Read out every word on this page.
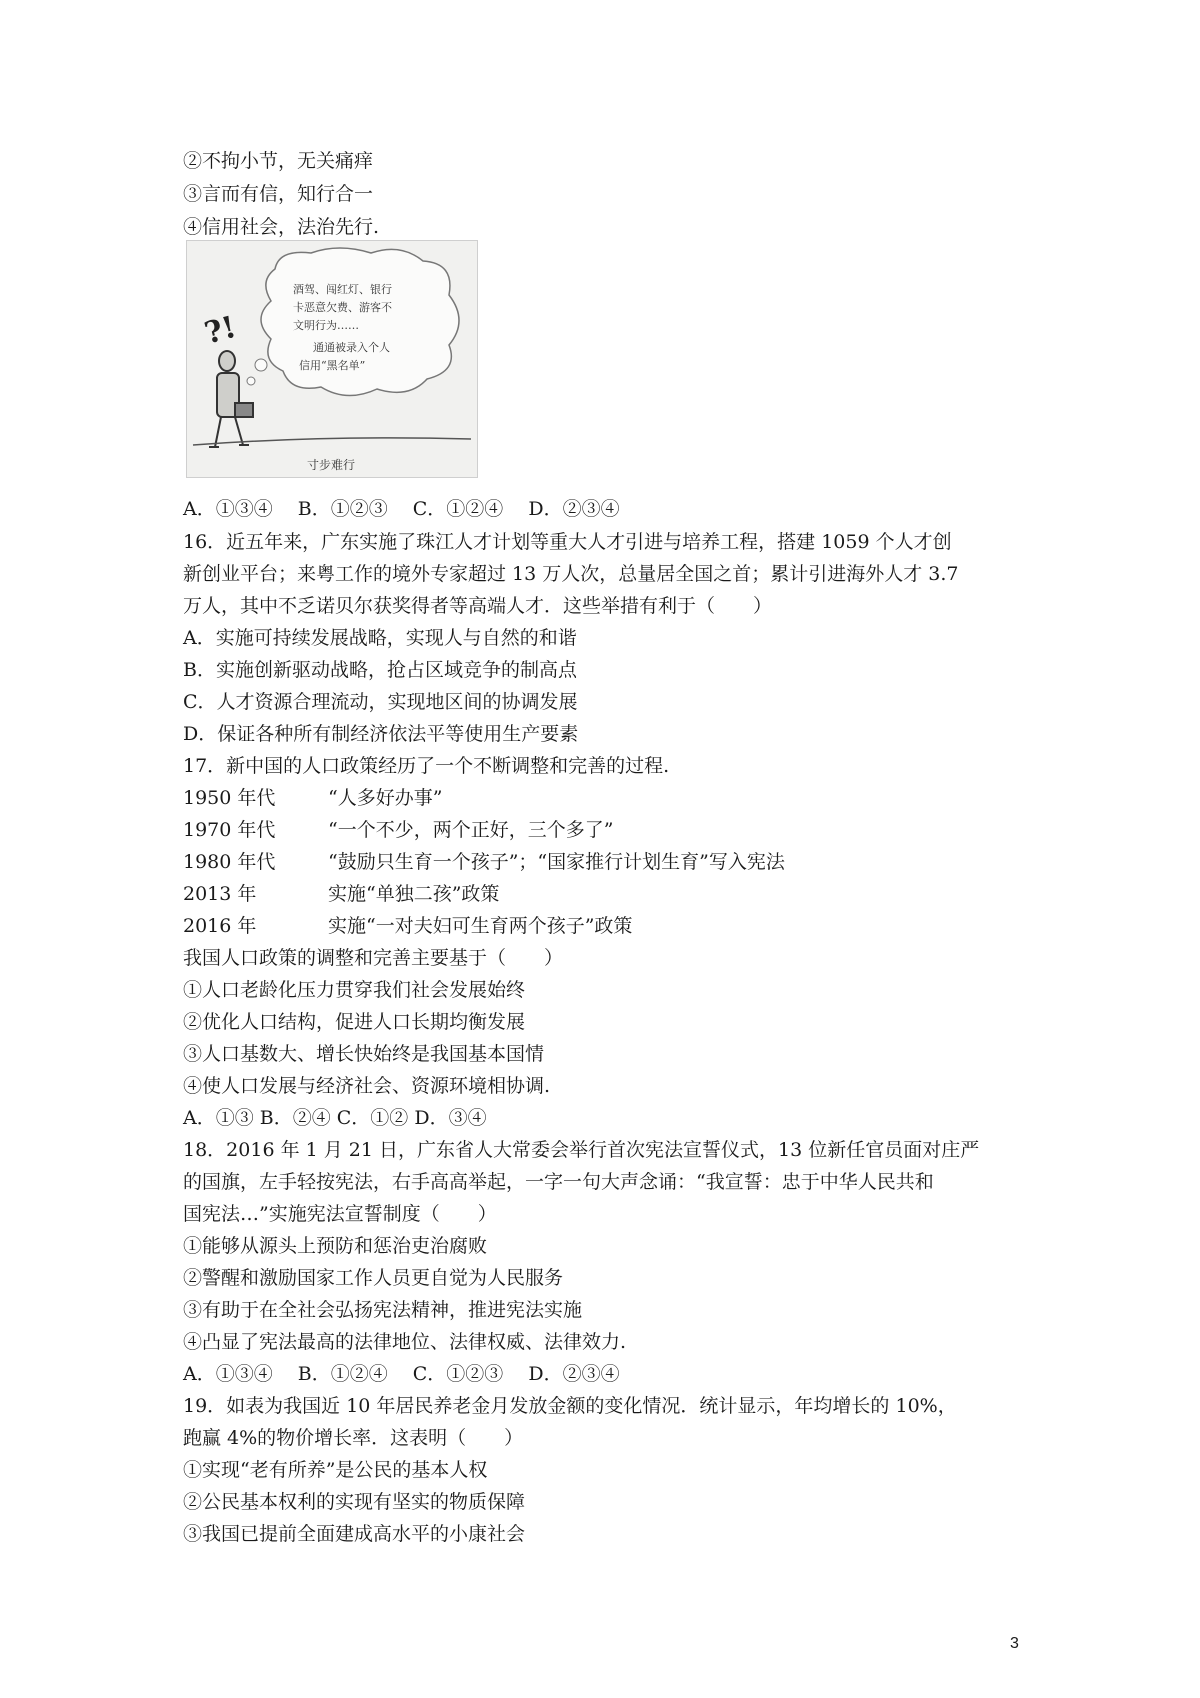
②不拘小节，无关痛痒
③言而有信，知行合一
④信用社会，法治先行.
酒驾、闯红灯、银行
卡恶意欠费、游客不
文明行为……
通通被录入个人
信用“黑名单”
?!
寸步难行
A．①③④　 B．①②③　 C．①②④　 D．②③④
16．近五年来，广东实施了珠江人才计划等重大人才引进与培养工程，搭建 1059 个人才创
新创业平台；来粤工作的境外专家超过 13 万人次，总量居全国之首；累计引进海外人才 3.7
万人，其中不乏诺贝尔获奖得者等高端人才．这些举措有利于（　　）
A．实施可持续发展战略，实现人与自然的和谐
B．实施创新驱动战略，抢占区域竞争的制高点
C．人才资源合理流动，实现地区间的协调发展
D．保证各种所有制经济依法平等使用生产要素
17．新中国的人口政策经历了一个不断调整和完善的过程.
1950 年代	“人多好办事”
1970 年代	“一个不少，两个正好，三个多了”
1980 年代	“鼓励只生育一个孩子”；“国家推行计划生育”写入宪法
2013 年	实施“单独二孩”政策
2016 年	实施“一对夫妇可生育两个孩子”政策
我国人口政策的调整和完善主要基于（　　）
①人口老龄化压力贯穿我们社会发展始终
②优化人口结构，促进人口长期均衡发展
③人口基数大、增长快始终是我国基本国情
④使人口发展与经济社会、资源环境相协调.
A．①③ B．②④ C．①② D．③④
18．2016 年 1 月 21 日，广东省人大常委会举行首次宪法宣誓仪式，13 位新任官员面对庄严
的国旗，左手轻按宪法，右手高高举起，一字一句大声念诵：“我宣誓：忠于中华人民共和
国宪法…”实施宪法宣誓制度（　　）
①能够从源头上预防和惩治吏治腐败
②警醒和激励国家工作人员更自觉为人民服务
③有助于在全社会弘扬宪法精神，推进宪法实施
④凸显了宪法最高的法律地位、法律权威、法律效力.
A．①③④　 B．①②④　 C．①②③　 D．②③④
19．如表为我国近 10 年居民养老金月发放金额的变化情况．统计显示，年均增长的 10%，
跑赢 4%的物价增长率．这表明（　　）
①实现“老有所养”是公民的基本人权
②公民基本权利的实现有坚实的物质保障
③我国已提前全面建成高水平的小康社会
3
